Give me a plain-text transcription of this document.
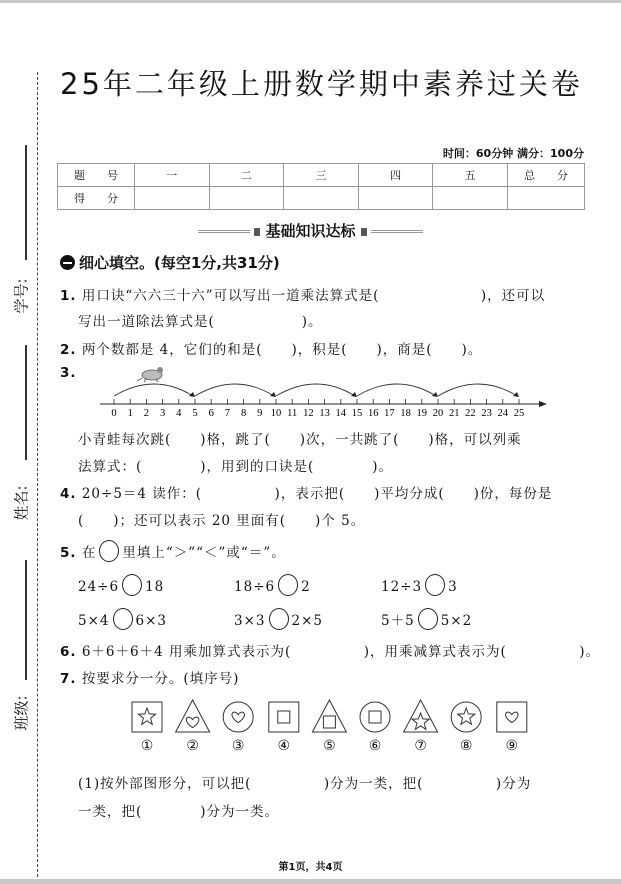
学号:
姓名:
班级:
25年二年级上册数学期中素养过关卷
时间：60分钟 满分：100分
题　　号	一	二	三	四	五	总　　分
得　　分						
基础知识达标
细心填空。(每空1分,共31分)
1. 用口诀“六六三十六”可以写出一道乘法算式是(　　　　　　　)，还可以
写出一道除法算式是(　　　　　　)。
2. 两个数都是 4，它们的和是(　　)，积是(　　)，商是(　　)。
3.
0 1 2 3 4 5 6 7 8 9 10 11 12 13 14 15 16 17 18 19 20 21 22 23 24 25
小青蛙每次跳(　　)格，跳了(　　)次，一共跳了(　　)格，可以列乘
法算式：(　　　　)，用到的口诀是(　　　　)。
4. 20÷5＝4 读作：(　　　　　)，表示把(　　)平均分成(　　)份，每份是
(　　)；还可以表示 20 里面有(　　)个 5。
5. 在 里填上“＞”“＜”或“＝”。
24÷6 18	18÷6 2	12÷3 3
5×4 6×3	3×3 2×5	5＋5 5×2
6. 6＋6＋6＋4 用乘加算式表示为(　　　　　)，用乘减算式表示为(　　　　　)。
7. 按要求分一分。(填序号)
①	②	③	④	⑤	⑥	⑦	⑧	⑨
(1)按外部图形分，可以把(　　　　　)分为一类，把(　　　　　)分为
一类，把(　　　　)分为一类。
第1页，共4页
